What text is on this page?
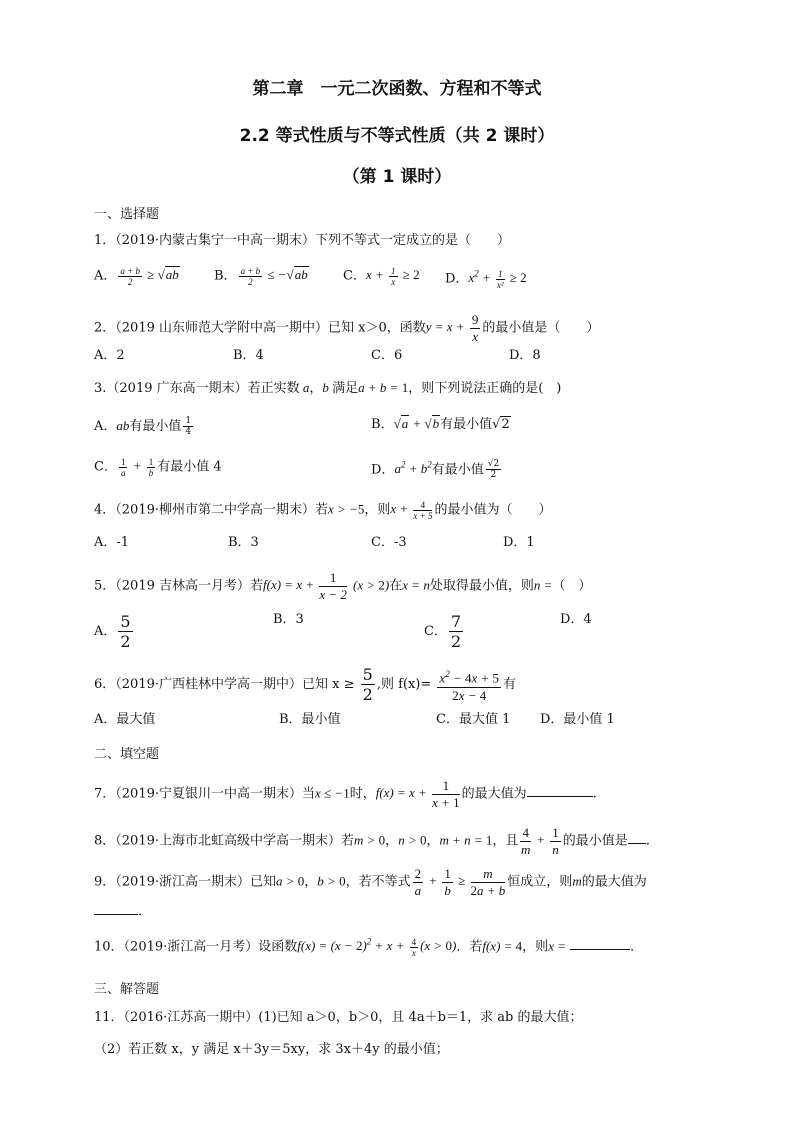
第二章　一元二次函数、方程和不等式
2.2 等式性质与不等式性质（共 2 课时）
（第 1 课时）
一、选择题
1．（2019·内蒙古集宁一中高一期末）下列不等式一定成立的是（　　）
A． $\frac{a + b}{2} \ge √ab$	B． $\frac{a + b}{2} \le -√ab$	C．$x + \frac{1}{x} \ge 2$ D．$x^2 + \frac{1}{\text{x²}} \ge 2$
2．（2019 山东师范大学附中高一期中）已知 x＞0，函数$y = x + \frac{9}{x}$ 的最小值是（　　）
A．2	B．4	C．6	D．8
3.（2019 广东高一期末）若正实数 a，b 满足a + b = 1，则下列说法正确的是(　)
A．ab有最小值 $\frac{1}{4}$	B．√a + √b有最小值√2
C． $\frac{1}{a} + \frac{1}{b}$ 有最小值 4	D．$a^2 + b^2$有最小值 $\frac{√2}{2}$
4．（2019·柳州市第二中学高一期末）若x > −5，则$x + \frac{4}{x + 5}$ 的最小值为（　　）
A．-1	B．3	C．-3	D．1
5．（2019 吉林高一月考）若$f(x) = x + \frac{1}{x - 2} (x > 2)$在x = n处取得最小值，则n =（　）
A． $\frac{5}{2}$	B．3
C． $\frac{7}{2}$	D．4
6．（2019·广西桂林中学高一期中）已知 $x \ge \frac{5}{2}$ ,则 $f(x)= \frac{x^2 - 4x + 5}{2x - 4}$ 有
A．最大值	B．最小值	C．最大值 1 D．最小值 1
二、填空题
7．（2019·宁夏银川一中高一期末）当x ≤ −1时，$f(x) = x + \frac{1}{x + 1}$ 的最大值为	.
8．（2019·上海市北虹高级中学高一期末）若m > 0，n > 0，m + n = 1，且 $\frac{4}{m} + \frac{1}{n}$ 的最小值是 .
9．（2019·浙江高一期末）已知a > 0，b > 0，若不等式 $\frac{2}{a} + \frac{1}{b} \ge \frac{m}{2a + b}$ 恒成立，则m的最大值为
．
10．（2019·浙江高一月考）设函数$f(x) = (x - 2)^2 + x + \frac{4}{x} (x > 0)$．若f(x) = 4，则x =	．
三、解答题
11．（2016·江苏高一期中）(1)已知 a＞0，b＞0，且 4a＋b＝1，求 ab 的最大值；
（2）若正数 x，y 满足 x＋3y＝5xy，求 3x＋4y 的最小值；
